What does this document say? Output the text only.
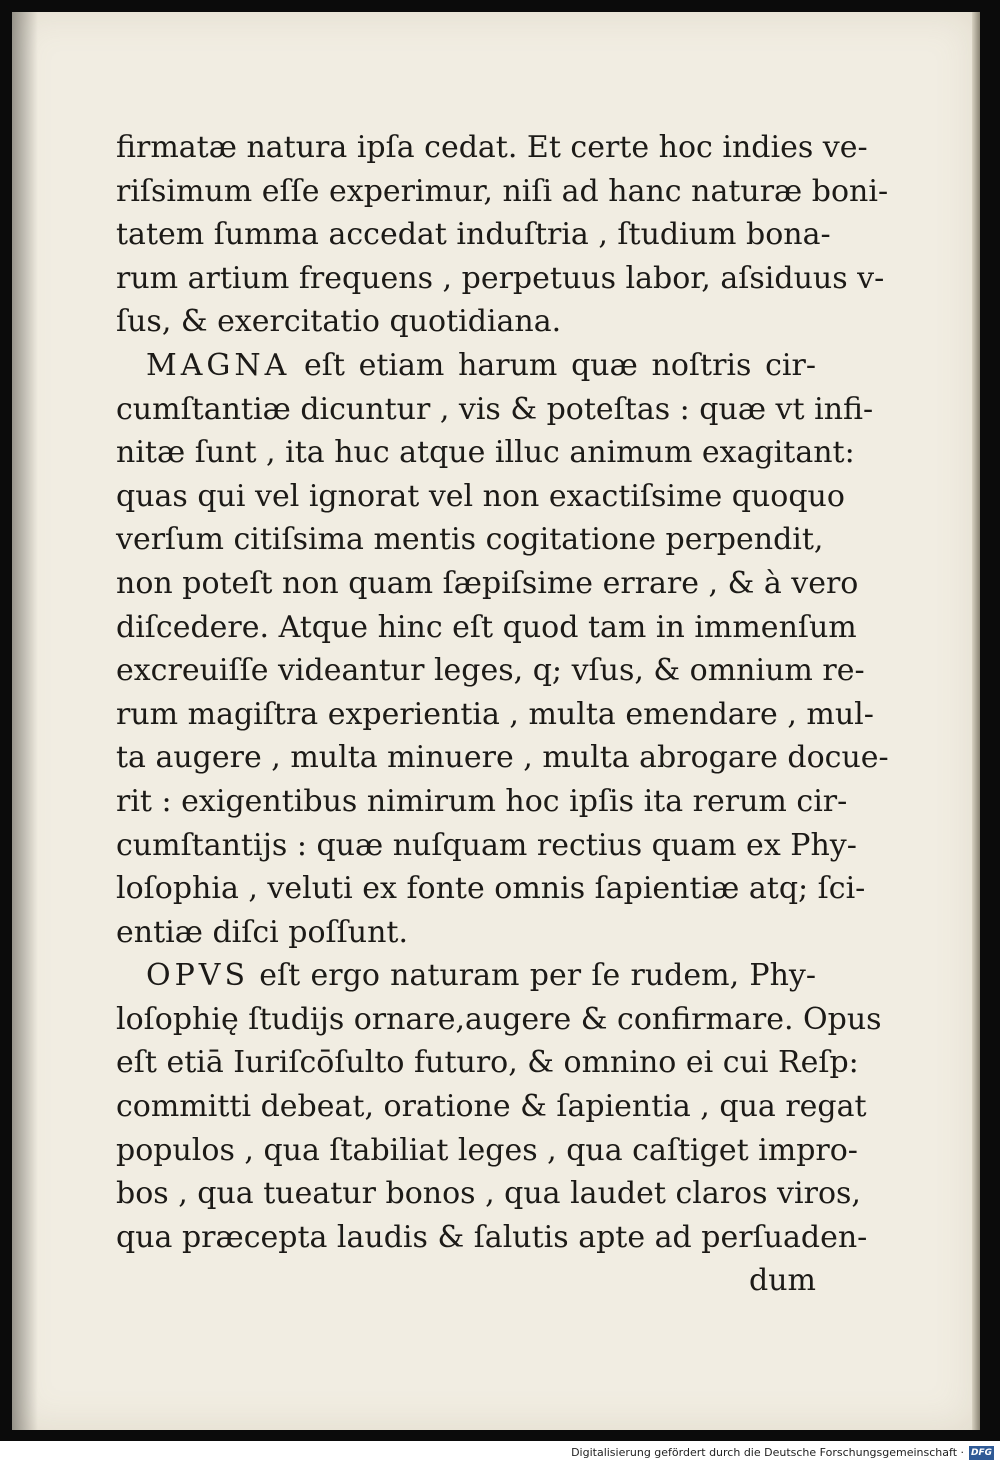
firmatæ natura ipſa cedat. Et certe hoc indies ve-
riſsimum eſſe experimur, niſi ad hanc naturæ boni-
tatem ſumma accedat induſtria , ſtudium bona-
rum artium frequens , perpetuus labor, aſsiduus v-
ſus, & exercitatio quotidiana.
 MAGNA eſt etiam harum quæ noſtris cir-
cumſtantiæ dicuntur , vis & poteſtas : quæ vt infi-
nitæ ſunt , ita huc atque illuc animum exagitant:
quas qui vel ignorat vel non exactiſsime quoquo
verſum citiſsima mentis cogitatione perpendit,
non poteſt non quam ſæpiſsime errare , & à vero
diſcedere. Atque hinc eſt quod tam in immenſum
excreuiſſe videantur leges, q; vſus, & omnium re-
rum magiſtra experientia , multa emendare , mul-
ta augere , multa minuere , multa abrogare docue-
rit : exigentibus nimirum hoc ipſis ita rerum cir-
cumſtantijs : quæ nuſquam rectius quam ex Phy-
loſophia , veluti ex fonte omnis ſapientiæ atq; ſci-
entiæ diſci poſſunt.
 OPVS eſt ergo naturam per ſe rudem, Phy-
loſophię ſtudijs ornare,augere & confirmare. Opus
eſt etiā Iuriſcōſulto futuro, & omnino ei cui Reſp:
committi debeat, oratione & ſapientia , qua regat
populos , qua ſtabiliat leges , qua caſtiget impro-
bos , qua tueatur bonos , qua laudet claros viros,
qua præcepta laudis & ſalutis apte ad perſuaden-
dum
Digitalisierung gefördert durch die Deutsche Forschungsgemeinschaft · DFG
